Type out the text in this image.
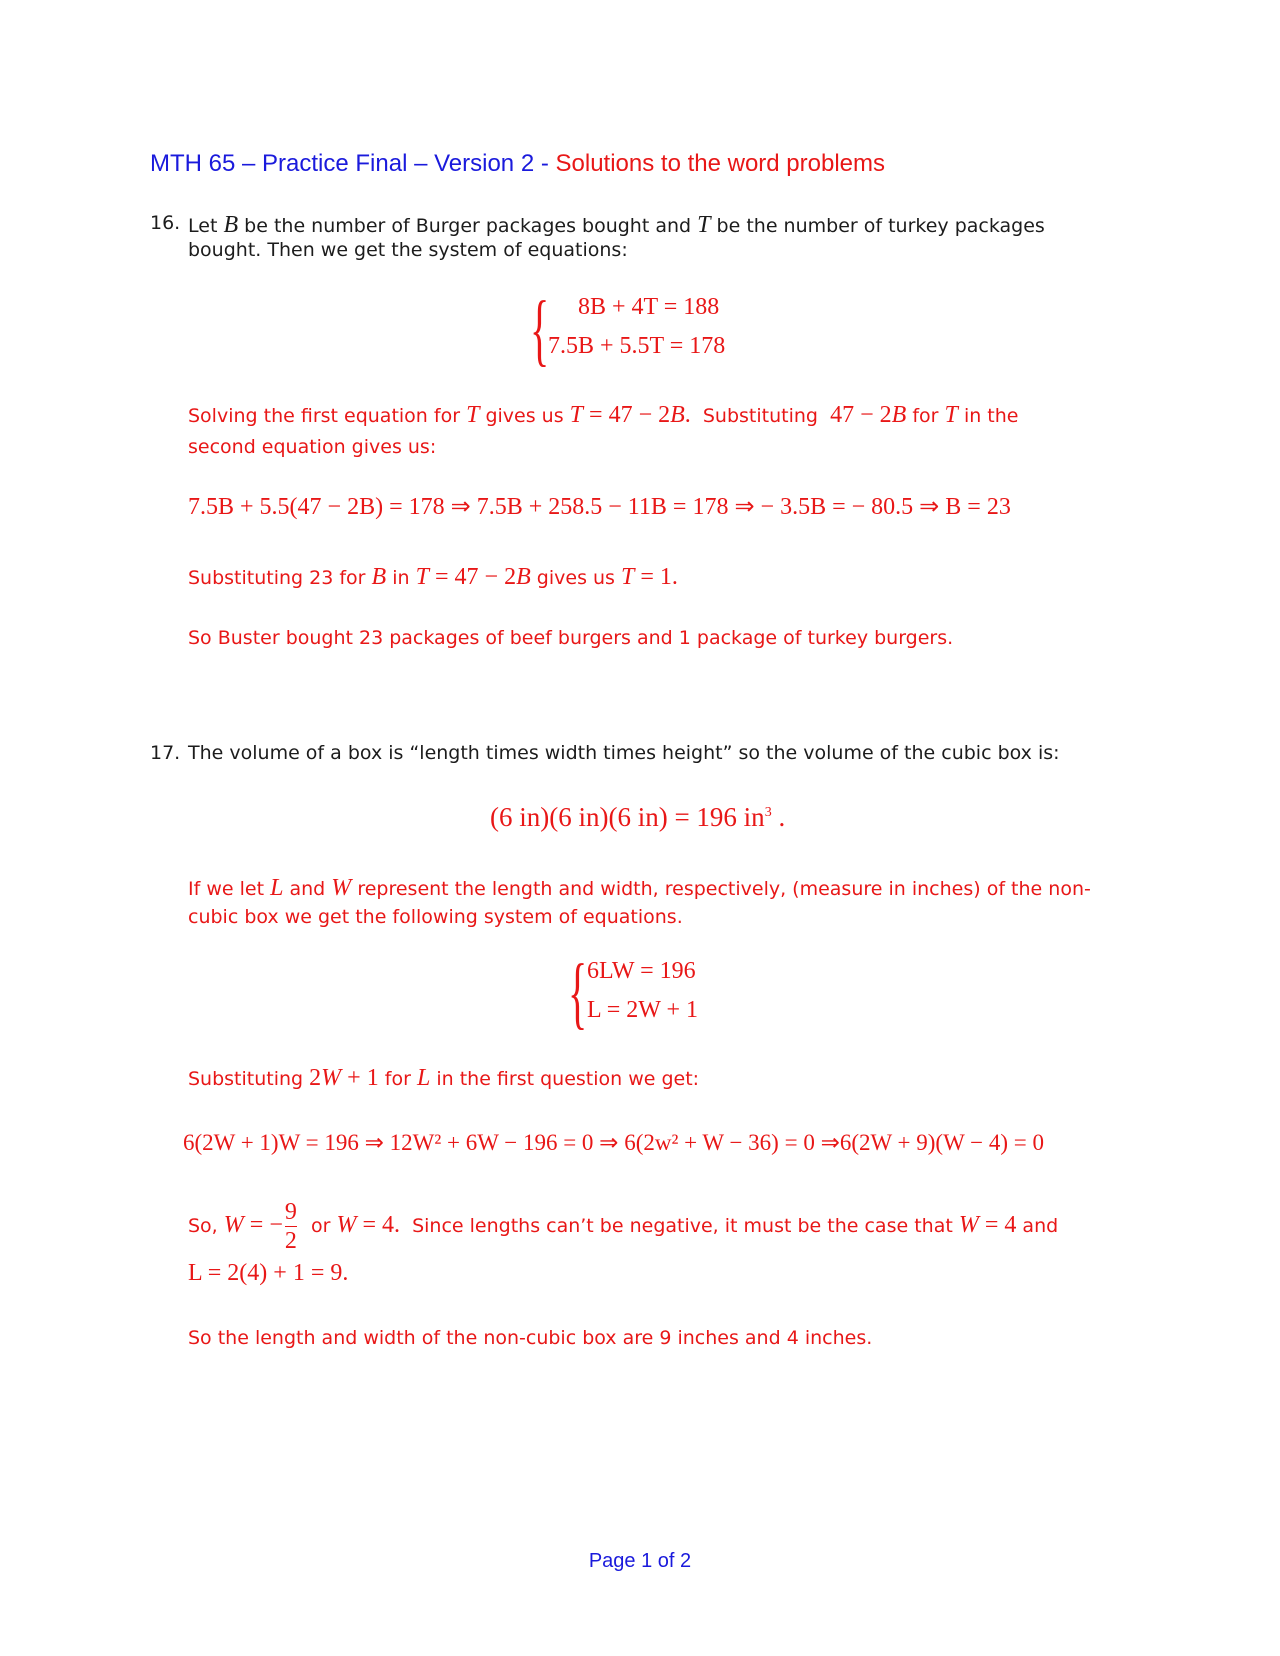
MTH 65 – Practice Final – Version 2 - Solutions to the word problems
16. Let B be the number of Burger packages bought and T be the number of turkey packages
bought. Then we get the system of equations:
{ 8B + 4T = 188
7.5B + 5.5T = 178
Solving the first equation for T gives us T = 47 − 2B. Substituting 47 − 2B for T in the
second equation gives us:
7.5B + 5.5(47 − 2B) = 178 ⇒ 7.5B + 258.5 − 11B = 178 ⇒ − 3.5B = − 80.5 ⇒ B = 23
Substituting 23 for B in T = 47 − 2B gives us T = 1.
So Buster bought 23 packages of beef burgers and 1 package of turkey burgers.
17. The volume of a box is “length times width times height” so the volume of the cubic box is:
(6 in)(6 in)(6 in) = 196 $in^3$ .
If we let L and W represent the length and width, respectively, (measure in inches) of the non-
cubic box we get the following system of equations.
{ 6LW = 196
L = 2W + 1
Substituting 2W + 1 for L in the first question we get:
6(2W + 1)W = 196 ⇒ 12W² + 6W − 196 = 0 ⇒ 6(2w² + W − 36) = 0 ⇒6(2W + 9)(W − 4) = 0
So, W = − $\frac{9}{2}$ or W = 4. Since lengths can’t be negative, it must be the case that W = 4 and
L = 2(4) + 1 = 9.
So the length and width of the non-cubic box are 9 inches and 4 inches.
Page 1 of 2
